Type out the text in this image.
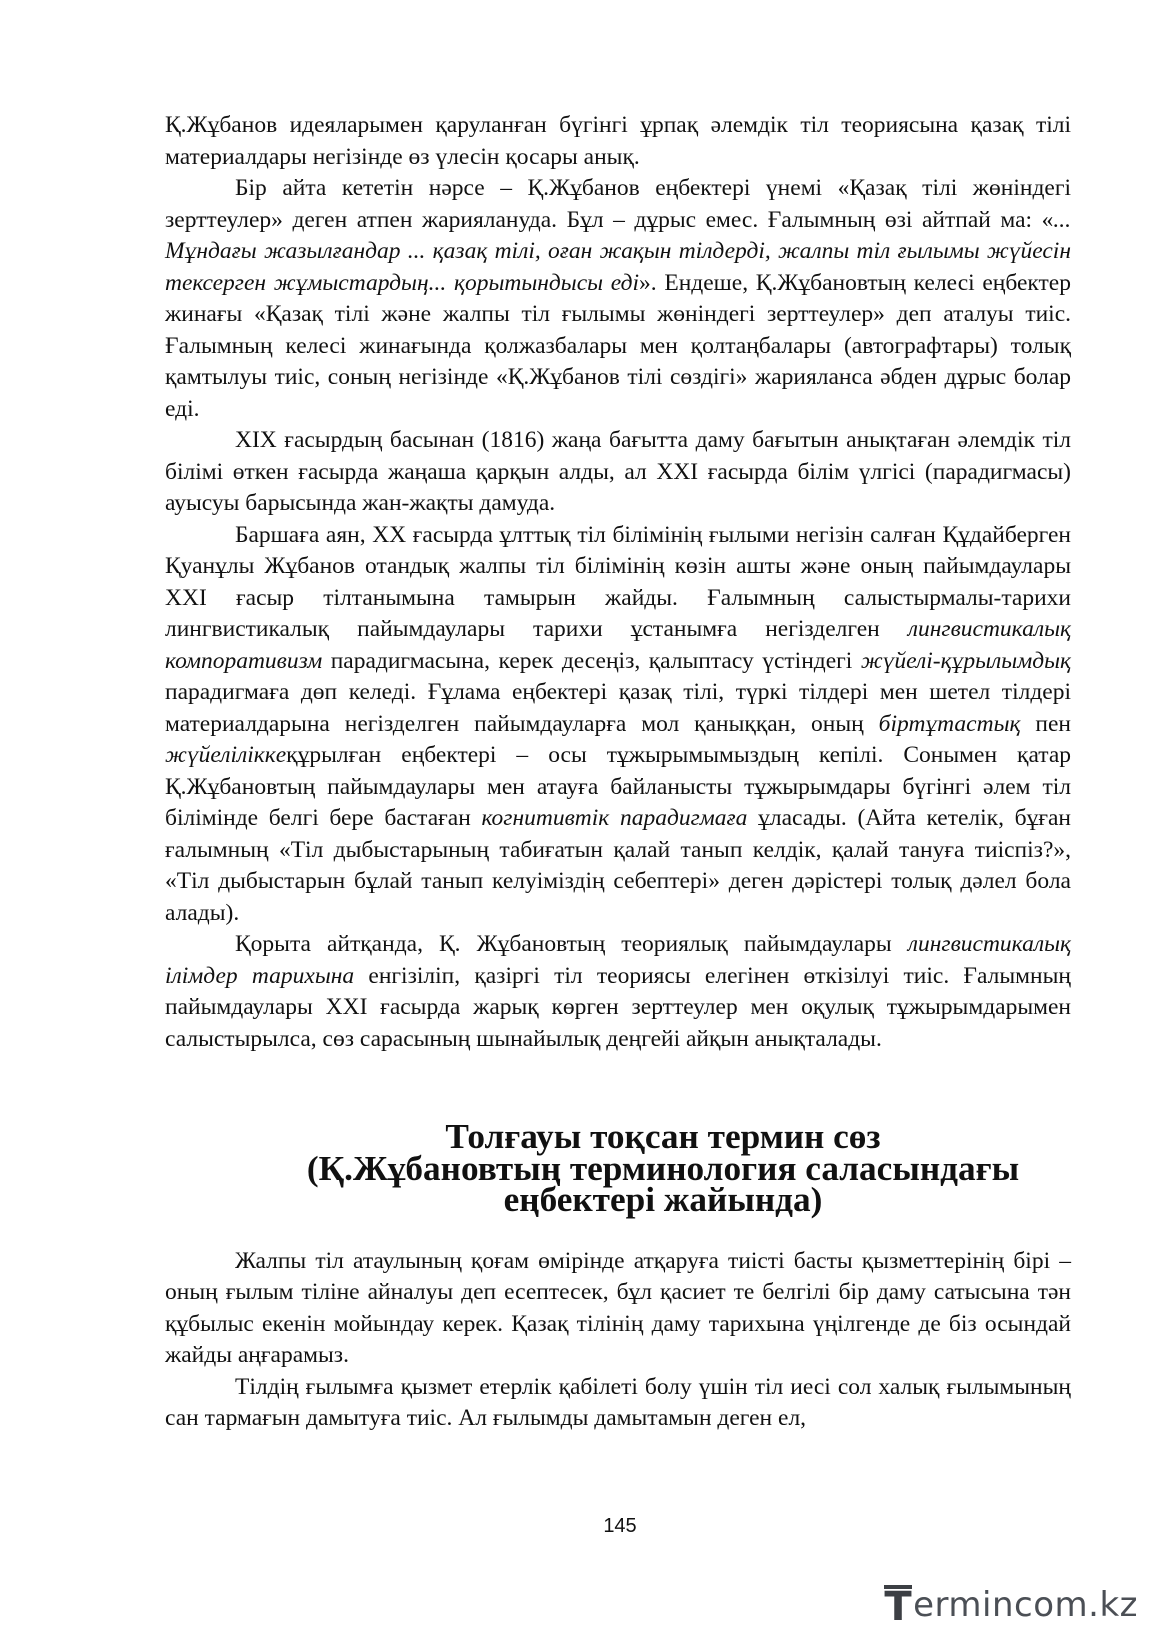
Қ.Жұбанов идеяларымен қаруланған бүгінгі ұрпақ әлемдік тіл теориясына қазақ тілі материалдары негізінде өз үлесін қосары анық.

Бір айта кететін нәрсе – Қ.Жұбанов еңбектері үнемі «Қазақ тілі жөніндегі зерттеулер» деген атпен жариялануда. Бұл – дұрыс емес. Ғалымның өзі айтпай ма: «... Мұндағы жазылғандар ... қазақ тілі, оған жақын тілдерді, жалпы тіл ғылымы жүйесін тексерген жұмыстардың... қорытындысы еді». Ендеше, Қ.Жұбановтың келесі еңбектер жинағы «Қазақ тілі және жалпы тіл ғылымы жөніндегі зерттеулер» деп аталуы тиіс. Ғалымның келесі жинағында қолжазбалары мен қолтаңбалары (автографтары) толық қамтылуы тиіс, соның негізінде «Қ.Жұбанов тілі сөздігі» жарияланса әбден дұрыс болар еді.

ХІХ ғасырдың басынан (1816) жаңа бағытта даму бағытын анықтаған әлемдік тіл білімі өткен ғасырда жаңаша қарқын алды, ал ХХІ ғасырда білім үлгісі (парадигмасы) ауысуы барысында жан-жақты дамуда.

Баршаға аян, ХХ ғасырда ұлттық тіл білімінің ғылыми негізін салған Құдайберген Қуанұлы Жұбанов отандық жалпы тіл білімінің көзін ашты және оның пайымдаулары ХХІ ғасыр тілтанымына тамырын жайды. Ғалымның салыстырмалы-тарихи лингвистикалық пайымдаулары тарихи ұстанымға негізделген лингвистикалық компоративизм парадигмасына, керек десеңіз, қалыптасу үстіндегі жүйелі-құрылымдық парадигмаға дөп келеді. Ғұлама еңбектері қазақ тілі, түркі тілдері мен шетел тілдері материалдарына негізделген пайымдауларға мол қаныққан, оның біртұтастық пен жүйеліліккeқұрылған еңбектері – осы тұжырымымыздың кепілі. Сонымен қатар Қ.Жұбановтың пайымдаулары мен атауға байланысты тұжырымдары бүгінгі әлем тіл білімінде белгі бере бастаған когнитивтік парадигмаға ұласады. (Айта кетелік, бұған ғалымның «Тіл дыбыстарының табиғатын қалай танып келдік, қалай тануға тиіспіз?», «Тіл дыбыстарын бұлай танып келуіміздің себептері» деген дәрістері толық дәлел бола алады).

Қорыта айтқанда, Қ. Жұбановтың теориялық пайымдаулары лингвистикалық ілімдер тарихына енгізіліп, қазіргі тіл теориясы елегінен өткізілуі тиіс. Ғалымның пайымдаулары ХХІ ғасырда жарық көрген зерттеулер мен оқулық тұжырымдарымен салыстырылса, сөз сарасының шынайылық деңгейі айқын анықталады.

Толғауы тоқсан термин сөз
(Қ.Жұбановтың терминология саласындағы еңбектері жайында)

Жалпы тіл атаулының қоғам өмірінде атқаруға тиісті басты қызметтерінің бірі – оның ғылым тіліне айналуы деп есептесек, бұл қасиет те белгілі бір даму сатысына тән құбылыс екенін мойындау керек. Қазақ тілінің даму тарихына үңілгенде де біз осындай жайды аңғарамыз.

Тілдің ғылымға қызмет етерлік қабілеті болу үшін тіл иесі сол халық ғылымының сан тармағын дамытуға тиіс. Ал ғылымды дамытамын деген ел,

145
T ermincom.kz
